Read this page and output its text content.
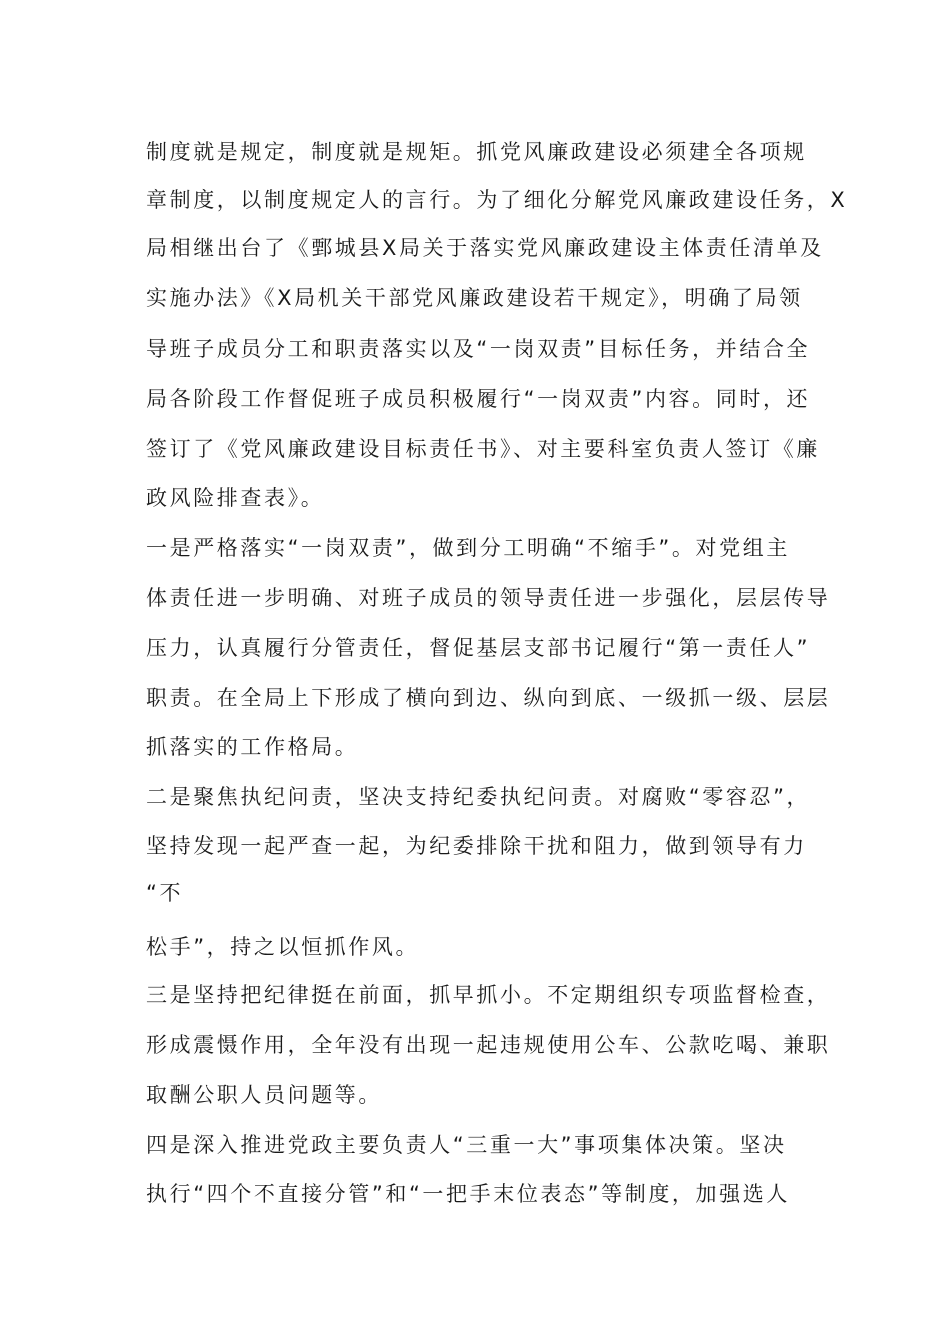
制度就是规定，制度就是规矩。抓党风廉政建设必须建全各项规
章制度，以制度规定人的言行。为了细化分解党风廉政建设任务，X
局相继出台了《鄄城县X局关于落实党风廉政建设主体责任清单及
实施办法》《X局机关干部党风廉政建设若干规定》，明确了局领
导班子成员分工和职责落实以及“一岗双责”目标任务，并结合全
局各阶段工作督促班子成员积极履行“一岗双责”内容。同时，还
签订了《党风廉政建设目标责任书》、对主要科室负责人签订《廉
政风险排查表》。
一是严格落实“一岗双责”，做到分工明确“不缩手”。对党组主
体责任进一步明确、对班子成员的领导责任进一步强化，层层传导
压力，认真履行分管责任，督促基层支部书记履行“第一责任人”
职责。在全局上下形成了横向到边、纵向到底、一级抓一级、层层
抓落实的工作格局。
二是聚焦执纪问责，坚决支持纪委执纪问责。对腐败“零容忍”，
坚持发现一起严查一起，为纪委排除干扰和阻力，做到领导有力
“不
松手”，持之以恒抓作风。
三是坚持把纪律挺在前面，抓早抓小。不定期组织专项监督检查，
形成震慑作用，全年没有出现一起违规使用公车、公款吃喝、兼职
取酬公职人员问题等。
四是深入推进党政主要负责人“三重一大”事项集体决策。坚决
执行“四个不直接分管”和“一把手末位表态”等制度，加强选人
